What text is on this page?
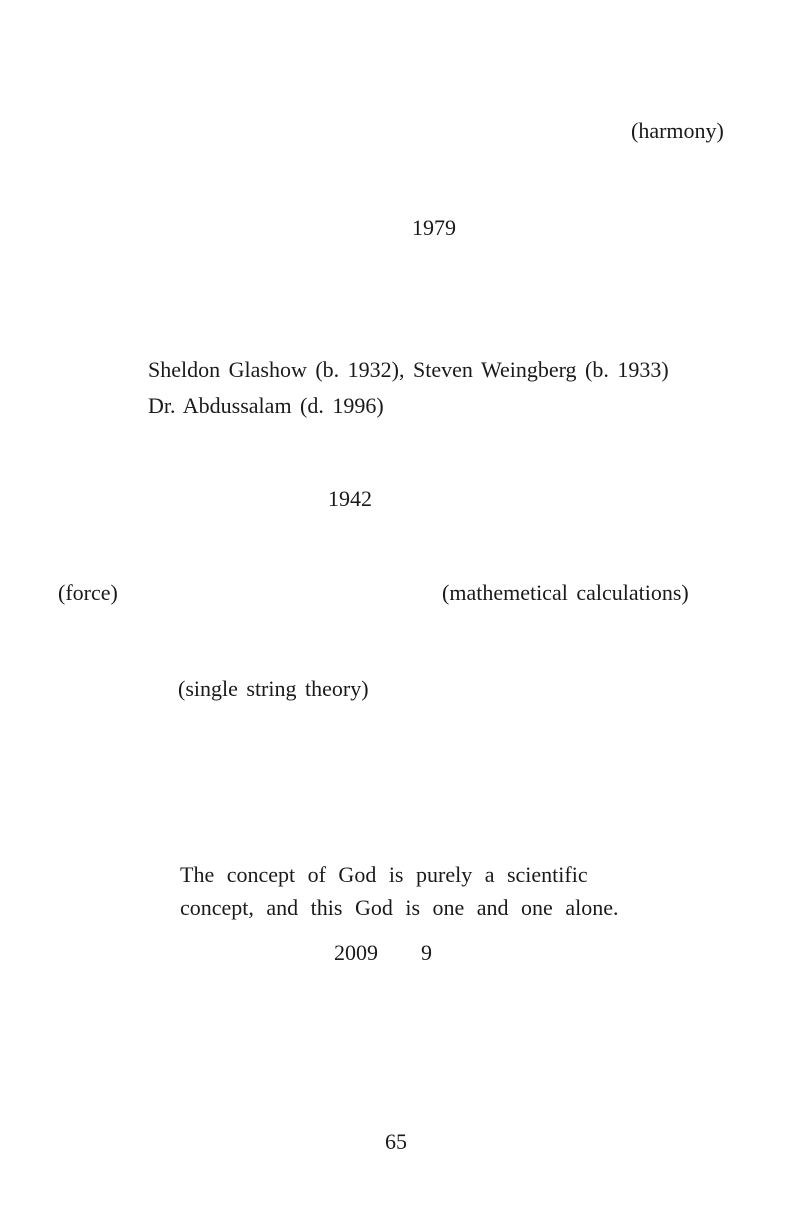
(harmony)
1979
Sheldon Glashow (b. 1932), Steven Weingberg (b. 1933)
Dr. Abdussalam (d. 1996)
1942
(force)	(mathemetical calculations)
(single string theory)
The concept of God is purely a scientific
concept, and this God is one and one alone.
2009 9
65
